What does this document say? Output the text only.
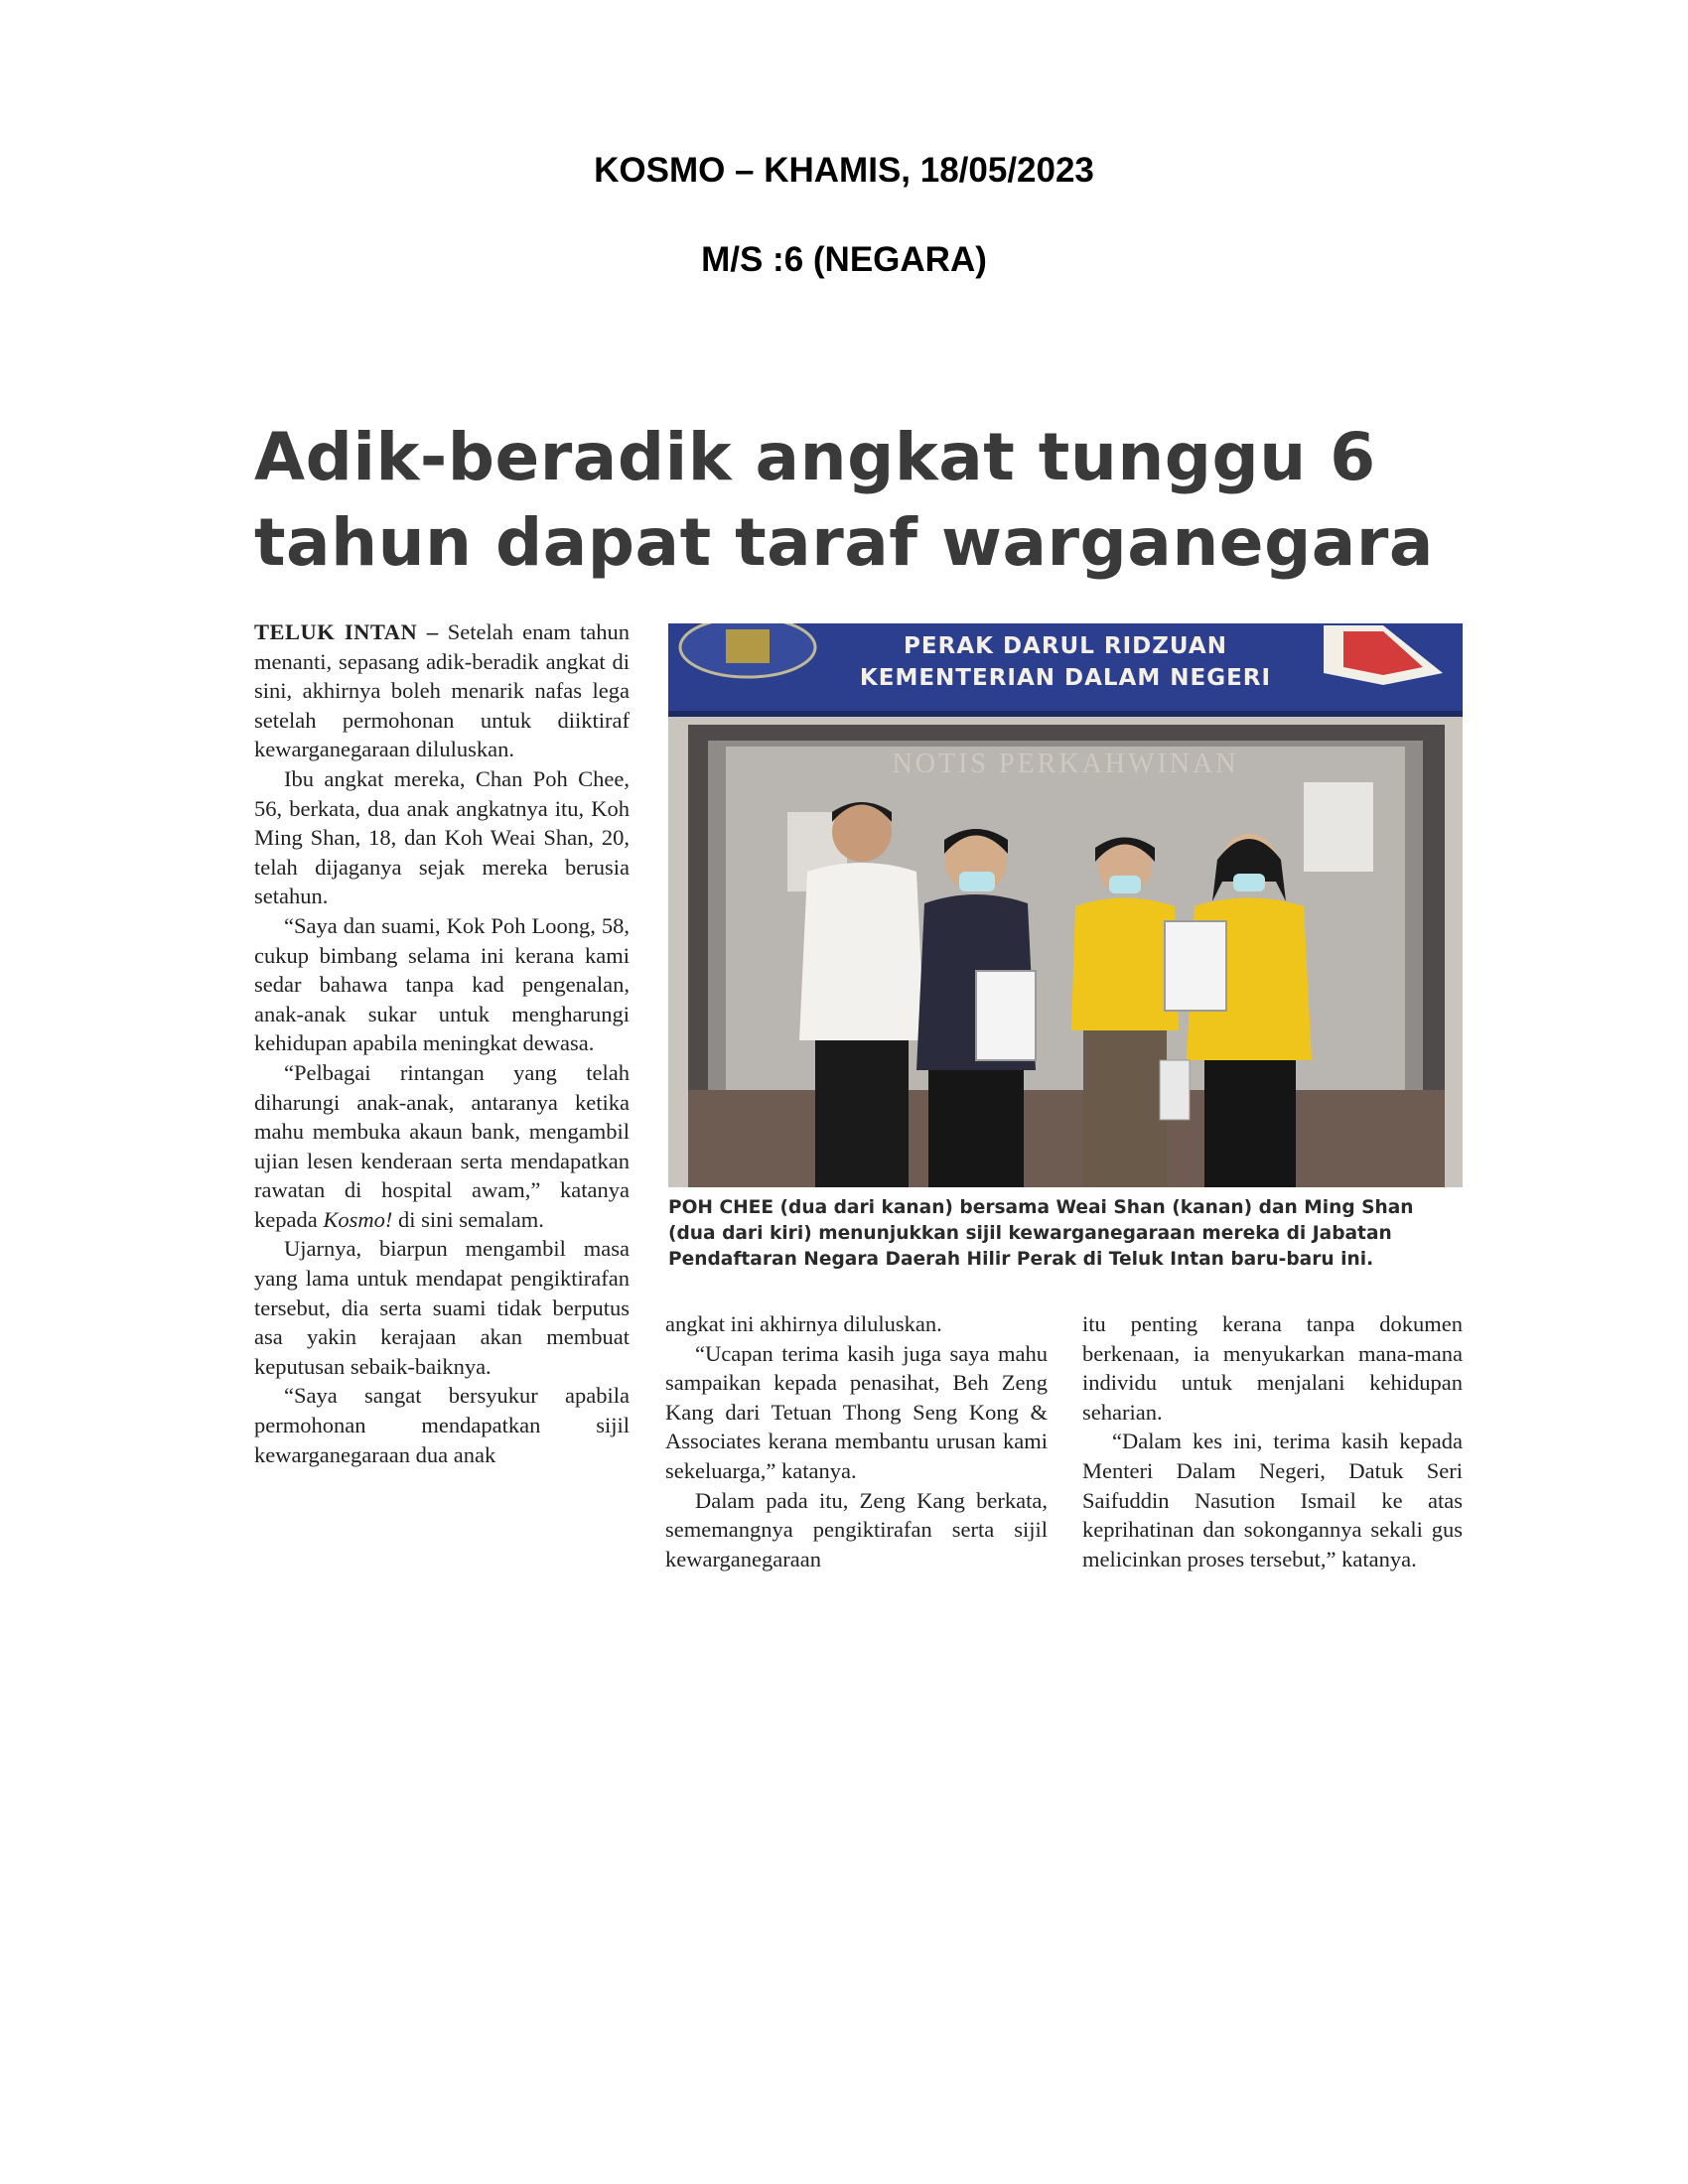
KOSMO – KHAMIS, 18/05/2023
M/S :6 (NEGARA)
Adik-beradik angkat tunggu 6
tahun dapat taraf warganegara

TELUK INTAN – Setelah enam tahun menanti, sepasang adik-beradik angkat di sini, akhirnya boleh menarik nafas lega setelah permohonan untuk diiktiraf kewarganegaraan diluluskan.

Ibu angkat mereka, Chan Poh Chee, 56, berkata, dua anak angkatnya itu, Koh Ming Shan, 18, dan Koh Weai Shan, 20, telah dijaganya sejak mereka berusia setahun.

“Saya dan suami, Kok Poh Loong, 58, cukup bimbang selama ini kerana kami sedar bahawa tanpa kad pengenalan, anak-anak sukar untuk mengharungi kehidupan apabila meningkat dewasa.

“Pelbagai rintangan yang telah diharungi anak-anak, antaranya ketika mahu membuka akaun bank, mengambil ujian lesen kenderaan serta mendapatkan rawatan di hospital awam,” katanya kepada Kosmo! di sini semalam.

Ujarnya, biarpun mengambil masa yang lama untuk mendapat pengiktirafan tersebut, dia serta suami tidak berputus asa yakin kerajaan akan membuat keputusan sebaik-baiknya.

“Saya sangat bersyukur apabila permohonan mendapatkan sijil kewarganegaraan dua anak

PERAK DARUL RIDZUAN
KEMENTERIAN DALAM NEGERI
NOTIS PERKAHWINAN
POH CHEE (dua dari kanan) bersama Weai Shan (kanan) dan Ming Shan (dua dari kiri) menunjukkan sijil kewarganegaraan mereka di Jabatan Pendaftaran Negara Daerah Hilir Perak di Teluk Intan baru-baru ini.

angkat ini akhirnya diluluskan.

“Ucapan terima kasih juga saya mahu sampaikan kepada penasihat, Beh Zeng Kang dari Tetuan Thong Seng Kong & Associates kerana membantu urusan kami sekeluarga,” katanya.

Dalam pada itu, Zeng Kang berkata, sememangnya pengiktirafan serta sijil kewarganegaraan

itu penting kerana tanpa dokumen berkenaan, ia menyukarkan mana-mana individu untuk menjalani kehidupan seharian.

“Dalam kes ini, terima kasih kepada Menteri Dalam Negeri, Datuk Seri Saifuddin Nasution Ismail ke atas keprihatinan dan sokongannya sekali gus melicinkan proses tersebut,” katanya.
